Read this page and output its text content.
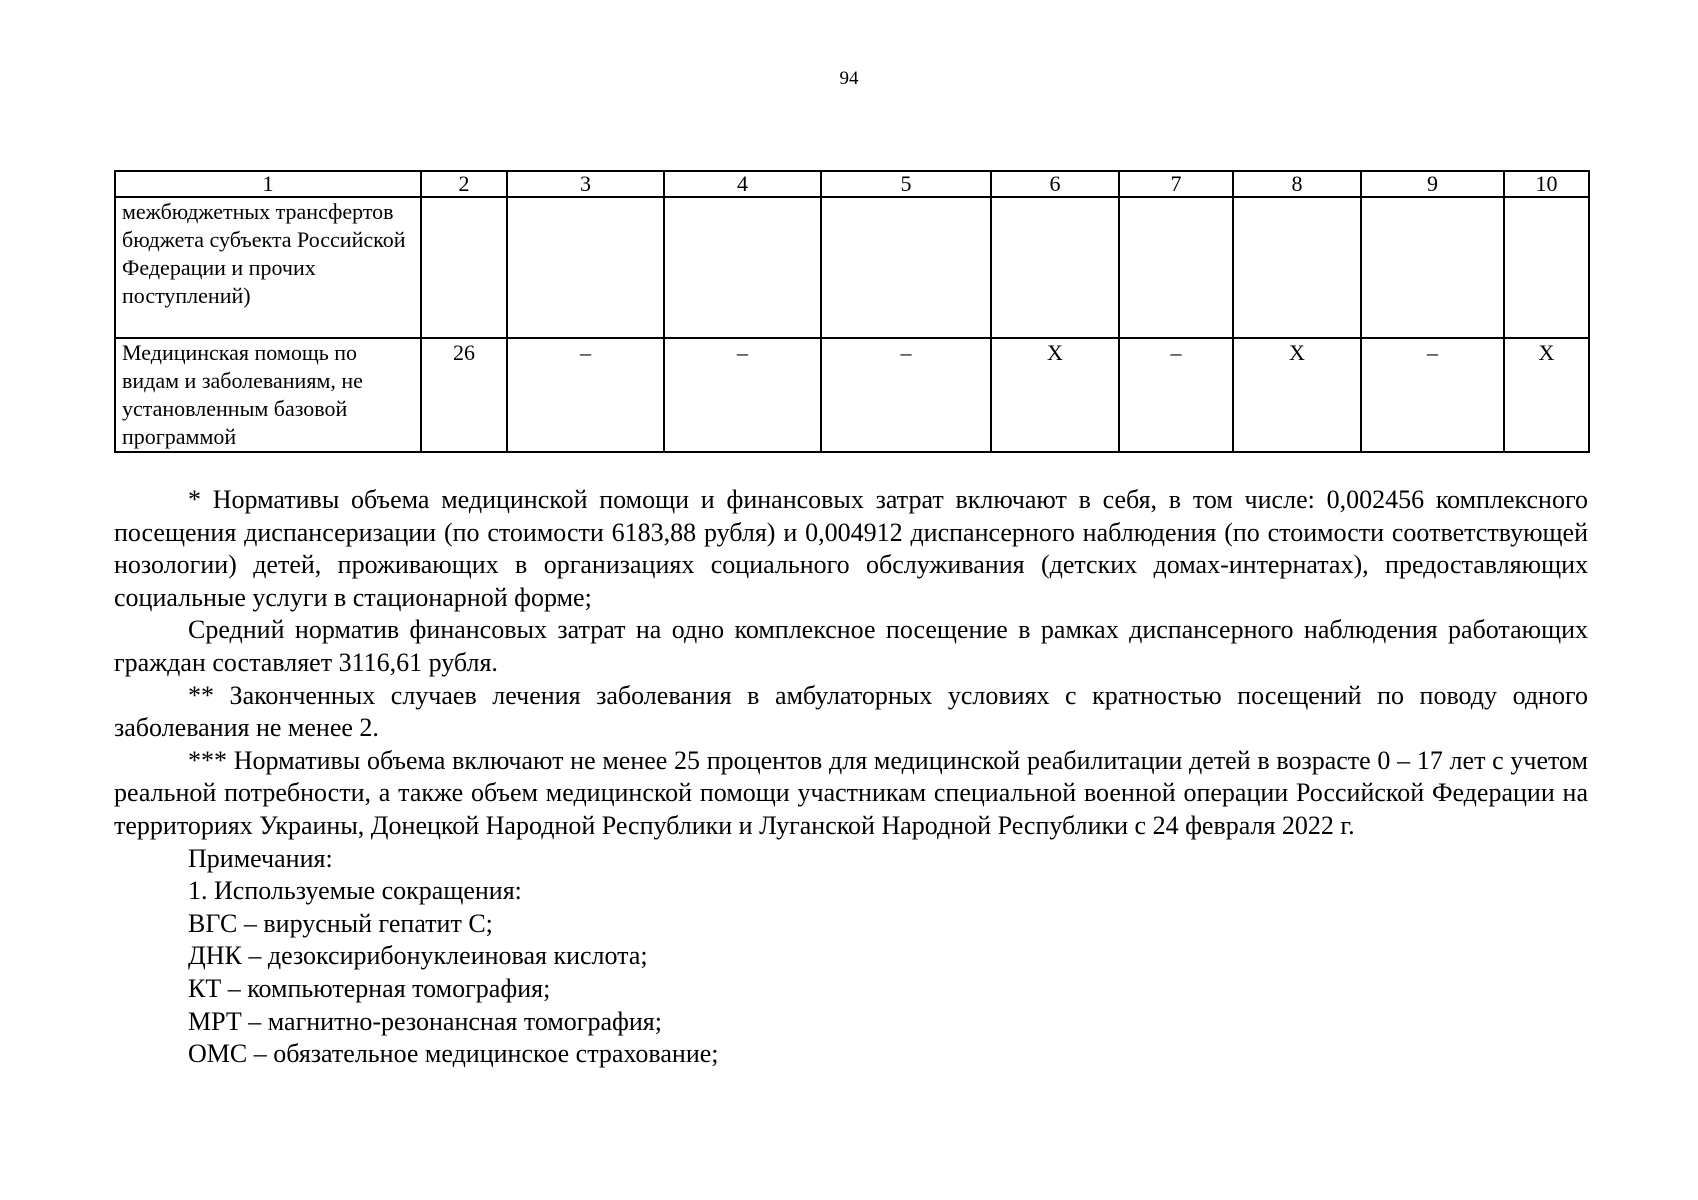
94
1	2	3	4	5	6	7	8	9	10
межбюджетных трансфертов бюджета субъекта Российской Федерации и прочих поступлений)									
Медицинская помощь по видам и заболеваниям, не установленным базовой программой	26	–	–	–	Х	–	Х	–	Х

* Нормативы объема медицинской помощи и финансовых затрат включают в себя, в том числе: 0,002456 комплексного посещения диспансеризации (по стоимости 6183,88 рубля) и 0,004912 диспансерного наблюдения (по стоимости соответствующей нозологии) детей, проживающих в организациях социального обслуживания (детских домах-интернатах), предоставляющих социальные услуги в стационарной форме;

Средний норматив финансовых затрат на одно комплексное посещение в рамках диспансерного наблюдения работающих граждан составляет 3116,61 рубля.

** Законченных случаев лечения заболевания в амбулаторных условиях с кратностью посещений по поводу одного заболевания не менее 2.

*** Нормативы объема включают не менее 25 процентов для медицинской реабилитации детей в возрасте 0 – 17 лет с учетом реальной потребности, а также объем медицинской помощи участникам специальной военной операции Российской Федерации на территориях Украины, Донецкой Народной Республики и Луганской Народной Республики с 24 февраля 2022 г.

Примечания:

1. Используемые сокращения:

ВГС – вирусный гепатит С;

ДНК – дезоксирибонуклеиновая кислота;

КТ – компьютерная томография;

МРТ – магнитно-резонансная томография;

ОМС – обязательное медицинское страхование;
